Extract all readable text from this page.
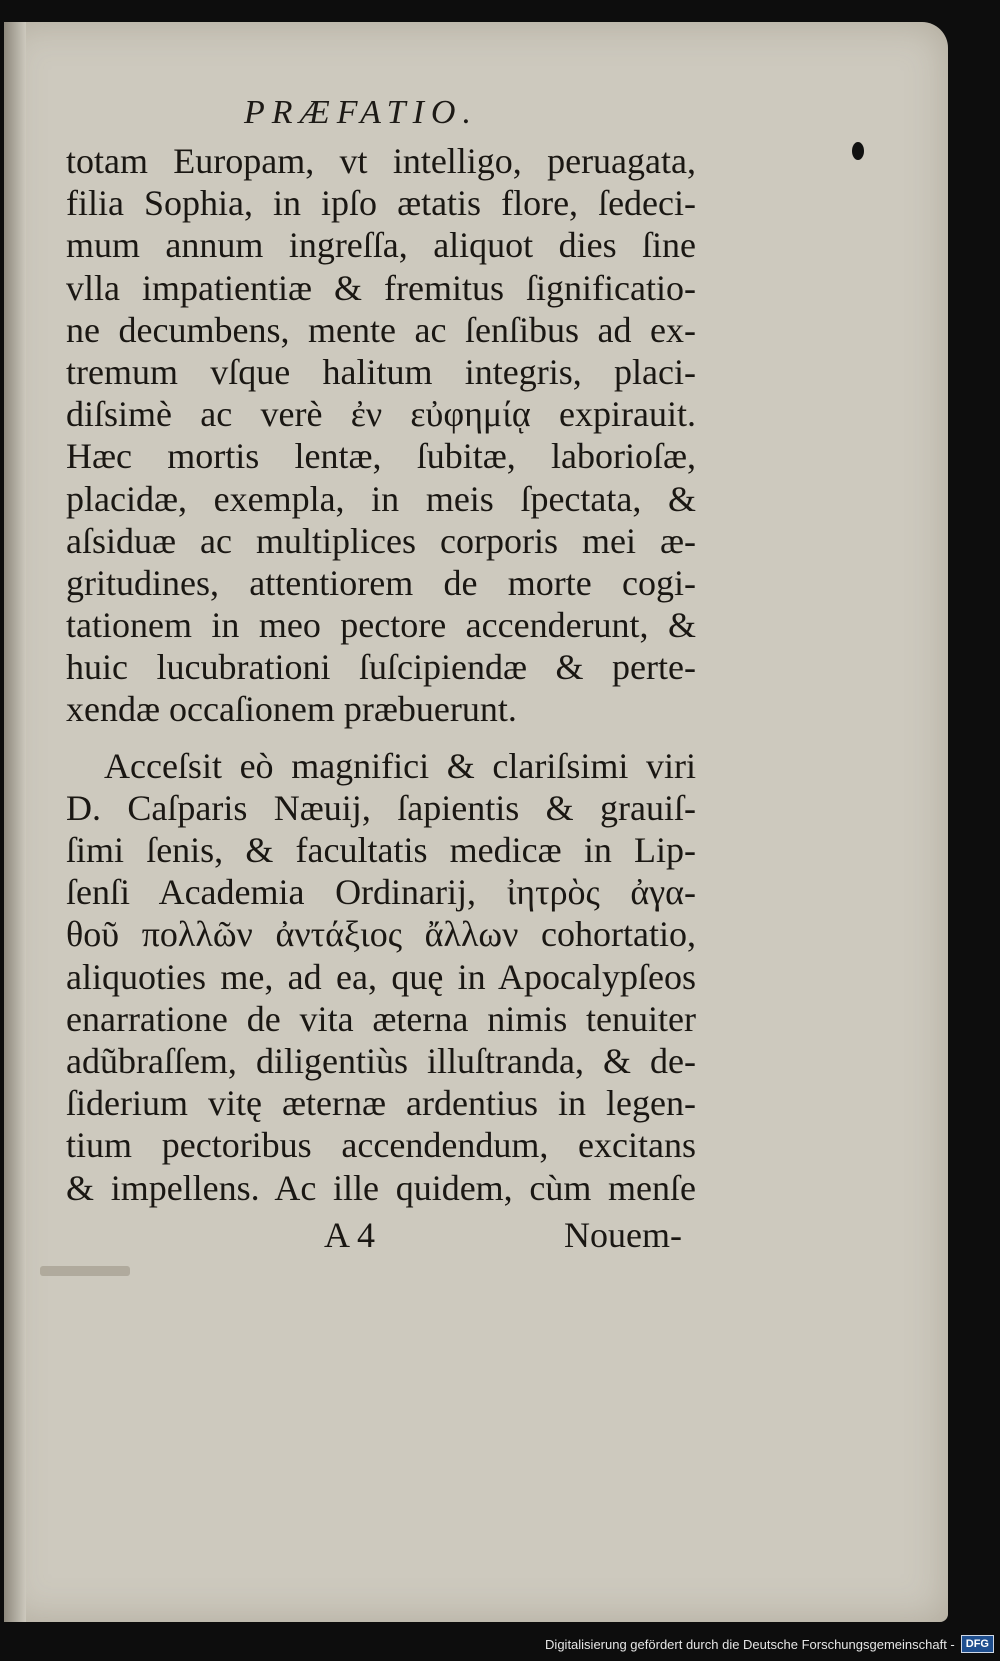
PRÆFATIO.
totam Europam, vt intelligo, peruagata,
filia Sophia, in ipſo ætatis flore, ſedeci-
mum annum ingreſſa, aliquot dies ſine
vlla impatientiæ & fremitus ſignificatio-
ne decumbens, mente ac ſenſibus ad ex-
tremum vſque halitum integris, placi-
diſsimè ac verè ἐν εὐφημίᾳ expirauit.
Hæc mortis lentæ, ſubitæ, laborioſæ,
placidæ, exempla, in meis ſpectata, &
aſsiduæ ac multiplices corporis mei æ-
gritudines, attentiorem de morte cogi-
tationem in meo pectore accenderunt, &
huic lucubrationi ſuſcipiendæ & perte-
xendæ occaſionem præbuerunt.
Acceſsit eò magnifici & clariſsimi viri
D. Caſparis Næuij, ſapientis & grauiſ-
ſimi ſenis, & facultatis medicæ in Lip-
ſenſi Academia Ordinarij, ἰητρὸς ἀγα-
θοῦ πολλῶν ἀντάξιος ἄλλων cohortatio,
aliquoties me, ad ea, quę in Apocalypſeos
enarratione de vita æterna nimis tenuiter
adũbraſſem, diligentiùs illuſtranda, & de-
ſiderium vitę æternæ ardentius in legen-
tium pectoribus accendendum, excitans
& impellens. Ac ille quidem, cùm menſe
A 4	Nouem-
Digitalisierung gefördert durch die Deutsche Forschungsgemeinschaft -	DFG
